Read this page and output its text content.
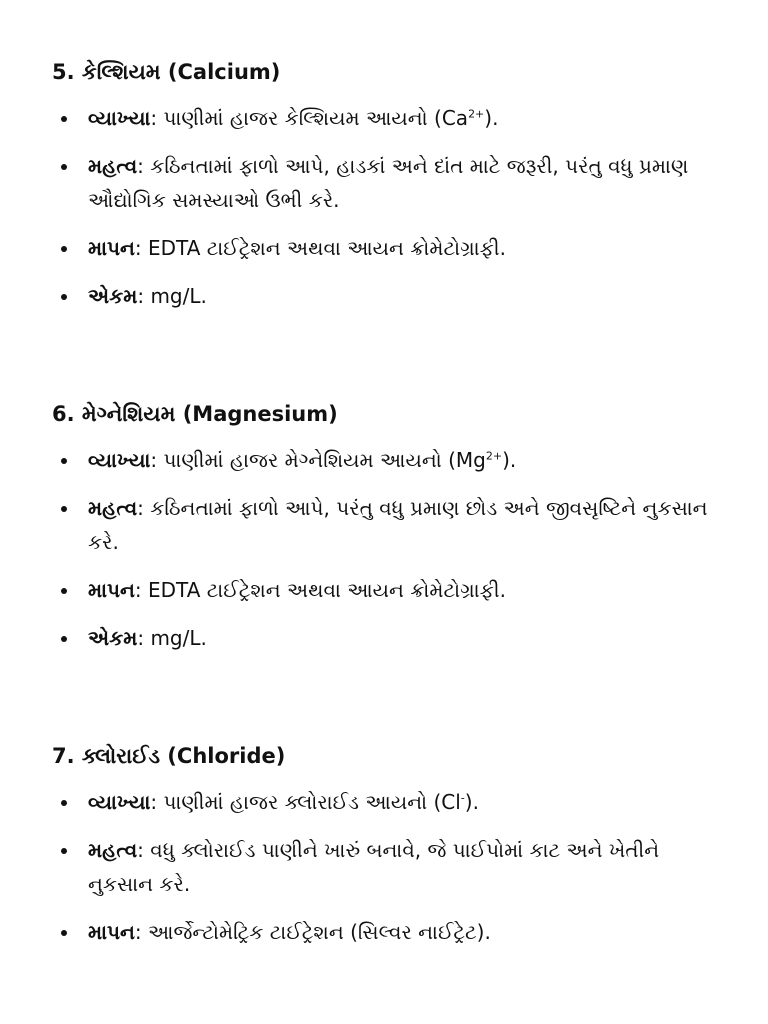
5. કેલ્શિયમ (Calcium)
વ્યાખ્યા: પાણીમાં હાજર કેલ્શિયમ આયનો $(Ca^{2+})$.
મહત્વ: કઠિનતામાં ફાળો આપે, હાડકાં અને દાંત માટે જરૂરી, પરંતુ વધુ પ્રમાણ ઔદ્યોગિક સમસ્યાઓ ઉભી કરે.
માપન: EDTA ટાઈટ્રેશન અથવા આયન ક્રોમેટોગ્રાફી.
એકમ: mg/L.
6. મેગ્નેશિયમ (Magnesium)
વ્યાખ્યા: પાણીમાં હાજર મેગ્નેશિયમ આયનો $(Mg^{2+})$.
મહત્વ: કઠિનતામાં ફાળો આપે, પરંતુ વધુ પ્રમાણ છોડ અને જીવસૃષ્ટિને નુકસાન કરે.
માપન: EDTA ટાઈટ્રેશન અથવા આયન ક્રોમેટોગ્રાફી.
એકમ: mg/L.
7. ક્લોરાઈડ (Chloride)
વ્યાખ્યા: પાણીમાં હાજર ક્લોરાઈડ આયનો (Cl-).
મહત્વ: વધુ ક્લોરાઈડ પાણીને ખારું બનાવે, જે પાઈપોમાં કાટ અને ખેતીને નુકસાન કરે.
માપન: આર્જેન્ટોમેટ્રિક ટાઈટ્રેશન (સિલ્વર નાઈટ્રેટ).
